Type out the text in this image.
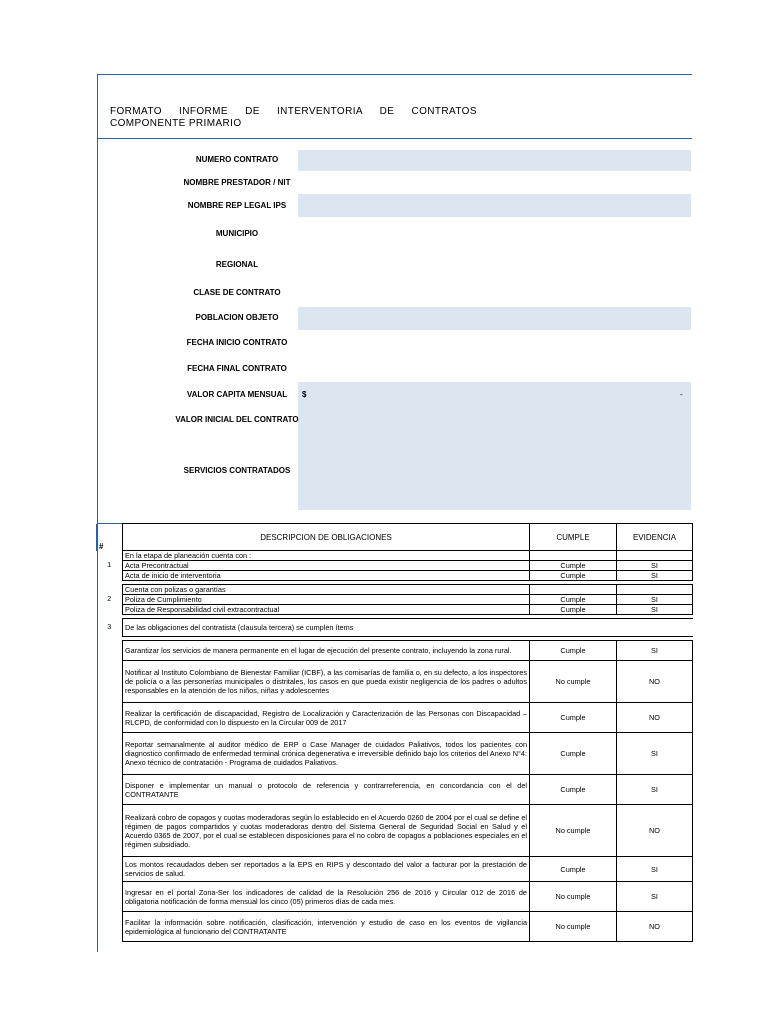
FORMATO INFORME DE INTERVENTORIA DE CONTRATOS
COMPONENTE PRIMARIO
NUMERO CONTRATO
NOMBRE PRESTADOR / NIT
NOMBRE REP LEGAL IPS
MUNICIPIO
REGIONAL
CLASE DE CONTRATO
POBLACION OBJETO
FECHA INICIO CONTRATO
FECHA FINAL CONTRATO
VALOR CAPITA MENSUAL	$	-
VALOR INICIAL DEL CONTRATO
SERVICIOS CONTRATADOS
#	DESCRIPCION DE OBLIGACIONES	CUMPLE	EVIDENCIA
1	En la etapa de planeación cuenta con :		
	Acta Precontractual	Cumple	SI
	Acta de inicio de interventoria	Cumple	SI

2	Cuenta con polizas o garantías		
	Poliza de Cumplimiento	Cumple	SI
	Poliza de Responsabilidad civil extracontractual	Cumple	SI

3	De las obligaciones del contratista (clausula tercera) se cumplen ítems		

	Garantizar los servicios de manera permanente en el lugar de ejecución del presente contrato, incluyendo la zona rural.	Cumple	SI
	Notificar al Instituto Colombiano de Bienestar Familiar (ICBF), a las comisarías de familia o, en su defecto, a los inspectores de policía o a las personerías municipales o distritales, los casos en que pueda existir negligencia de los padres o adultos responsables en la atención de los niños, niñas y adolescentes	No cumple	NO
	Realizar la certificación de discapacidad, Registro de Localización y Caracterización de las Personas con Discapacidad – RLCPD, de conformidad con lo dispuesto en la Circular 009 de 2017	Cumple	NO
	Reportar semanalmente al auditor médico de ERP o Case Manager de cuidados Paliativos, todos los pacientes con diagnostico confirmado de enfermedad terminal crónica degenerativa e irreversible definido bajo los criterios del Anexo N°4: Anexo técnico de contratación - Programa de cuidados Paliativos.	Cumple	SI
	Disponer e implementar un manual o protocolo de referencia y contrarreferencia, en concordancia con el del CONTRATANTE	Cumple	SI
	Realizará cobro de copagos y cuotas moderadoras según lo establecido en el Acuerdo 0260 de 2004 por el cual se define el régimen de pagos compartidos y cuotas moderadoras dentro del Sistema General de Seguridad Social en Salud y el Acuerdo 0365 de 2007, por el cual se establecen disposiciones para el no cobro de copagos a poblaciones especiales en el régimen subsidiado.	No cumple	NO
	Los montos recaudados deben ser reportados a la EPS en RIPS y descontado del valor a facturar por la prestación de servicios de salud.	Cumple	SI
	Ingresar en el portal Zona-Ser los indicadores de calidad de la Resolución 256 de 2016 y Circular 012 de 2016 de obligatoria notificación de forma mensual los cinco (05) primeros días de cada mes.	No cumple	SI
	Facilitar la información sobre notificación, clasificación, intervención y estudio de caso en los eventos de vigilancia epidemiológica al funcionario del CONTRATANTE	No cumple	NO
